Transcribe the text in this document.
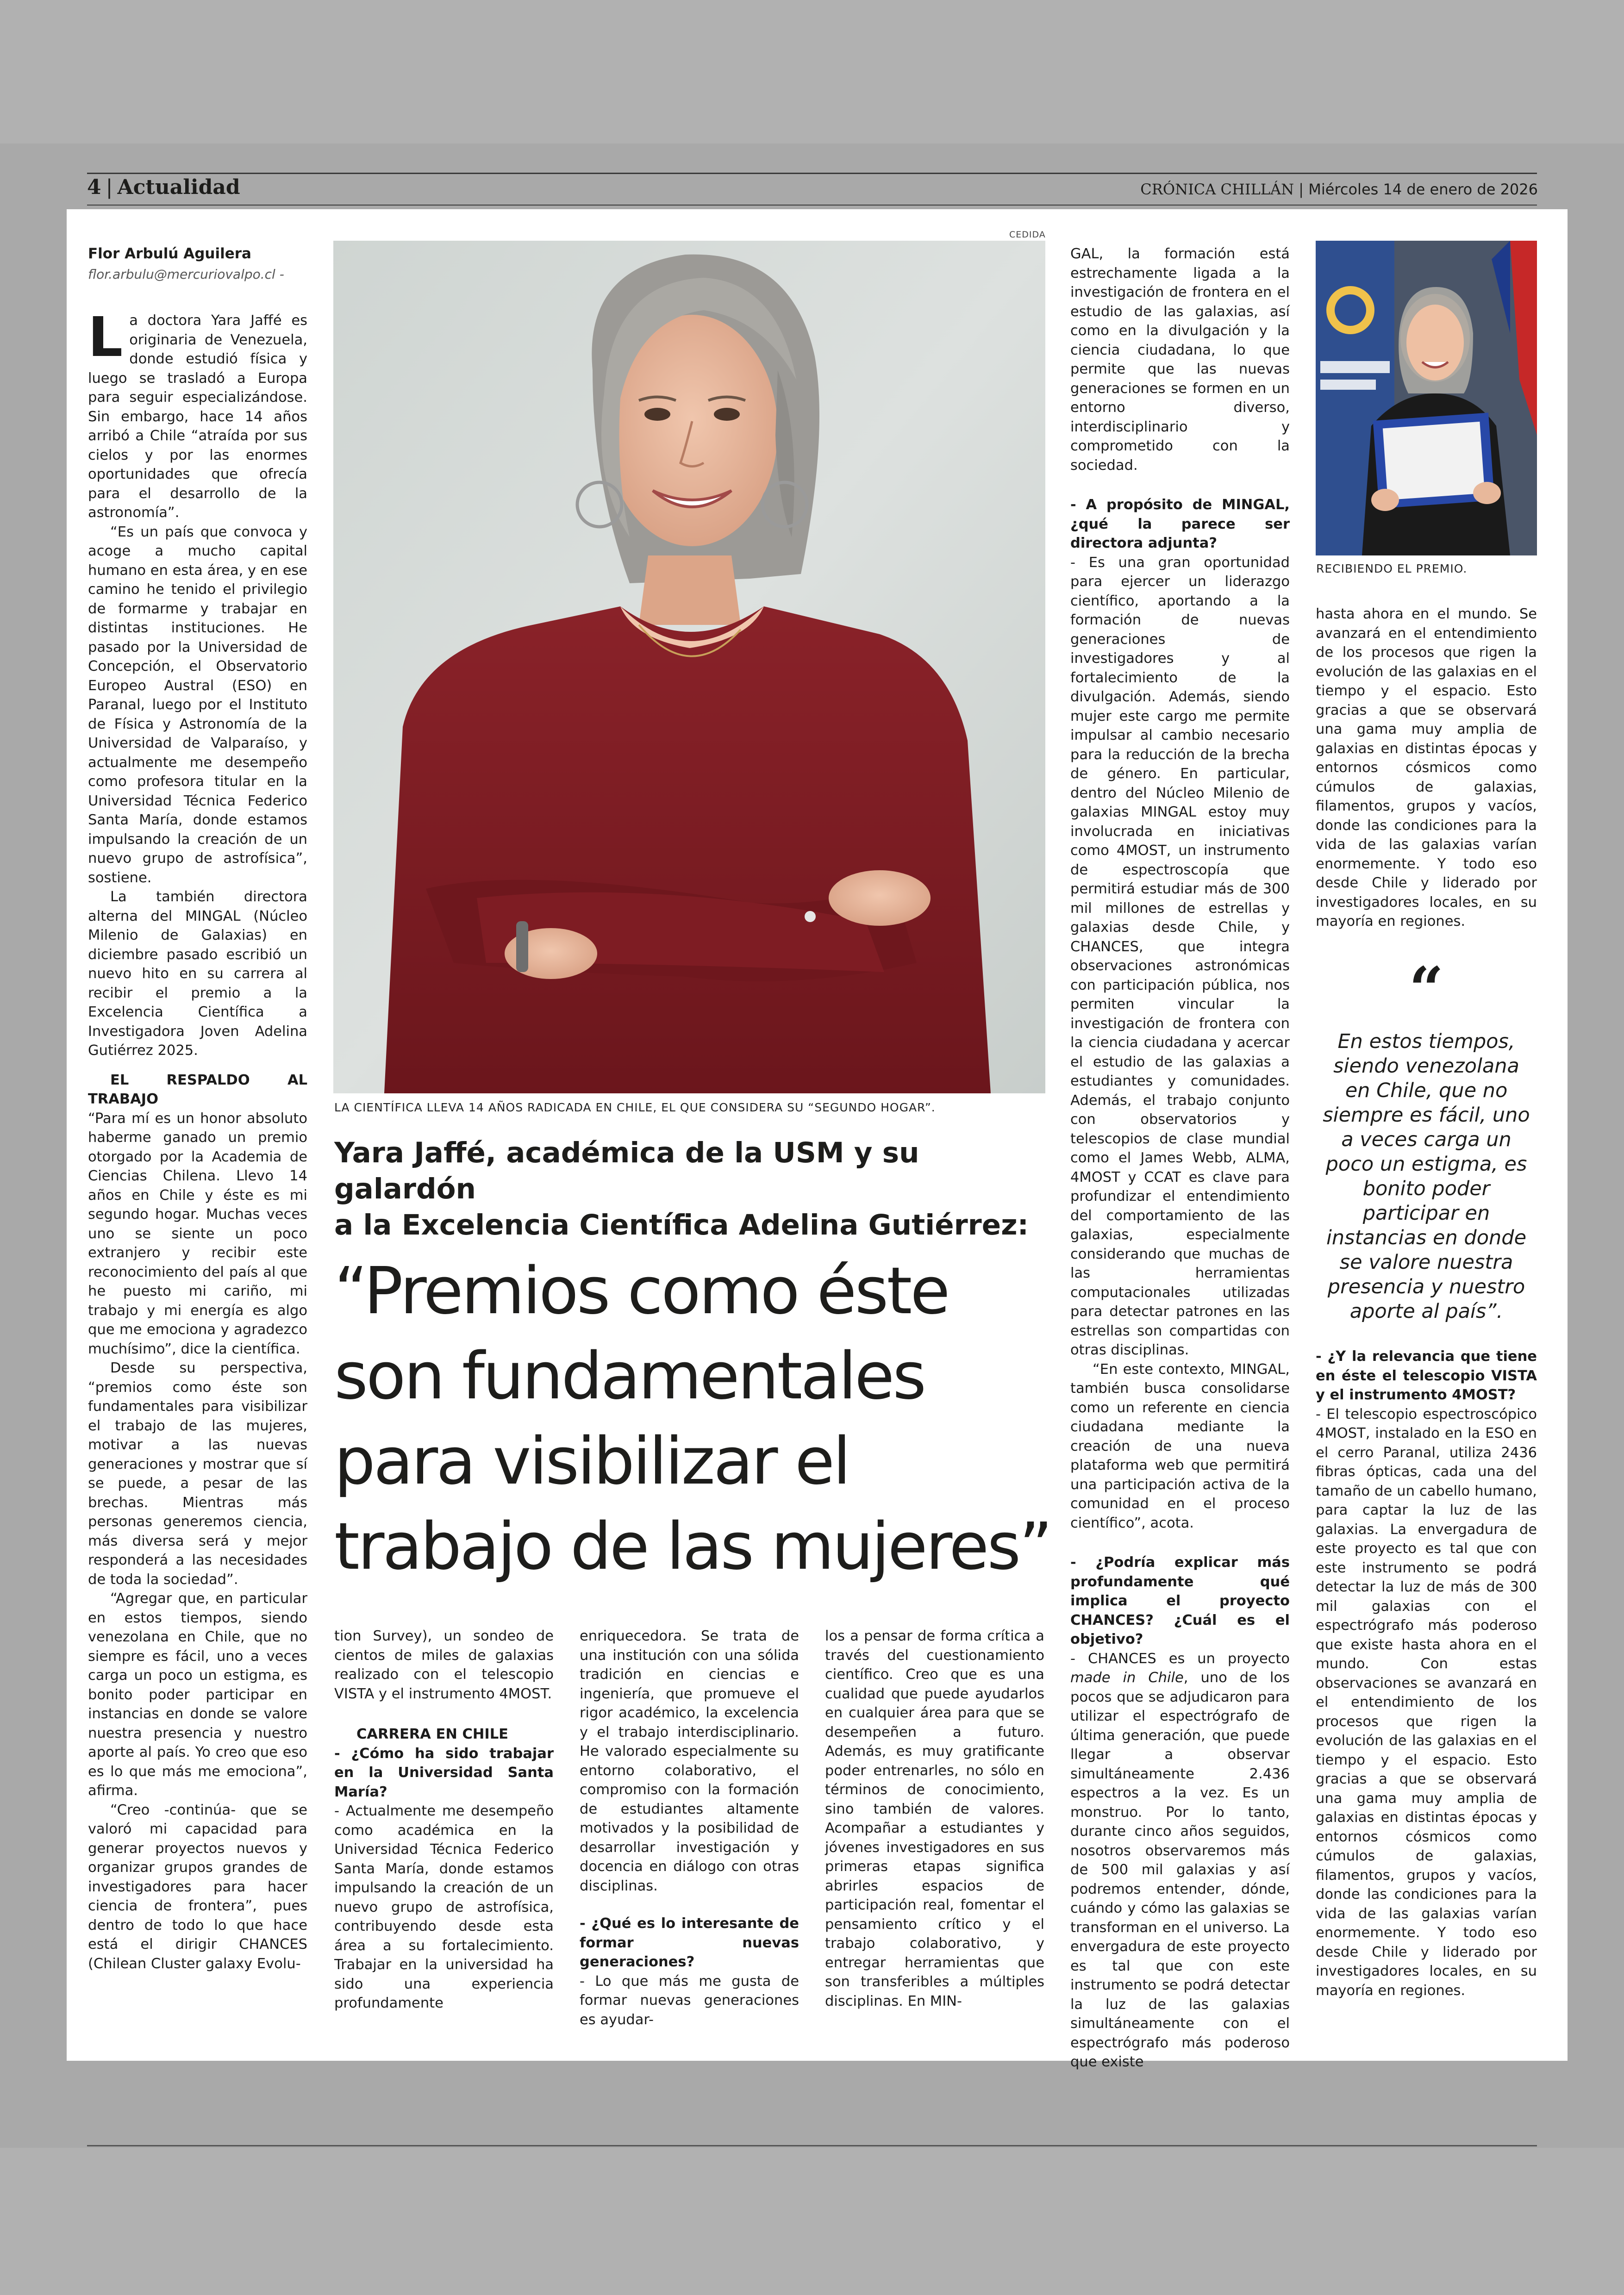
4 | Actualidad	CRÓNICA CHILLÁN | Miércoles 14 de enero de 2026
Flor Arbulú Aguilera
flor.arbulu@mercuriovalpo.cl -
L a doctora Yara Jaffé es originaria de Venezuela, donde estudió física y luego se trasladó a Europa para seguir especializándose. Sin embargo, hace 14 años arribó a Chile “atraída por sus cielos y por las enormes oportunidades que ofrecía para el desarrollo de la astronomía”.

“Es un país que convoca y acoge a mucho capital humano en esta área, y en ese camino he tenido el privilegio de formarme y trabajar en distintas instituciones. He pasado por la Universidad de Concepción, el Observatorio Europeo Austral (ESO) en Paranal, luego por el Instituto de Física y Astronomía de la Universidad de Valparaíso, y actualmente me desempeño como profesora titular en la Universidad Técnica Federico Santa María, donde estamos impulsando la creación de un nuevo grupo de astrofísica”, sostiene.

La también directora alterna del MINGAL (Núcleo Milenio de Galaxias) en diciembre pasado escribió un nuevo hito en su carrera al recibir el premio a la Excelencia Científica a Investigadora Joven Adelina Gutiérrez 2025.

EL RESPALDO AL TRABAJO

“Para mí es un honor absoluto haberme ganado un premio otorgado por la Academia de Ciencias Chilena. Llevo 14 años en Chile y éste es mi segundo hogar. Muchas veces uno se siente un poco extranjero y recibir este reconocimiento del país al que he puesto mi cariño, mi trabajo y mi energía es algo que me emociona y agradezco muchísimo”, dice la científica.

Desde su perspectiva, “premios como éste son fundamentales para visibilizar el trabajo de las mujeres, motivar a las nuevas generaciones y mostrar que sí se puede, a pesar de las brechas. Mientras más personas generemos ciencia, más diversa será y mejor responderá a las necesidades de toda la sociedad”.

“Agregar que, en particular en estos tiempos, siendo venezolana en Chile, que no siempre es fácil, uno a veces carga un poco un estigma, es bonito poder participar en instancias en donde se valore nuestra presencia y nuestro aporte al país. Yo creo que eso es lo que más me emociona”, afirma.

“Creo -continúa- que se valoró mi capacidad para generar proyectos nuevos y organizar grupos grandes de investigadores para hacer ciencia de frontera”, pues dentro de todo lo que hace está el dirigir CHANCES (Chilean Cluster galaxy Evolu-

CEDIDA
LA CIENTÍFICA LLEVA 14 AÑOS RADICADA EN CHILE, EL QUE CONSIDERA SU “SEGUNDO HOGAR”.
Yara Jaffé, académica de la USM y su galardón
a la Excelencia Científica Adelina Gutiérrez:
“Premios como éste
son fundamentales
para visibilizar el
trabajo de las mujeres”

tion Survey), un sondeo de cientos de miles de galaxias realizado con el telescopio VISTA y el instrumento 4MOST.

CARRERA EN CHILE

- ¿Cómo ha sido trabajar en la Universidad Santa María?

- Actualmente me desempeño como académica en la Universidad Técnica Federico Santa María, donde estamos impulsando la creación de un nuevo grupo de astrofísica, contribuyendo desde esta área a su fortalecimiento. Trabajar en la universidad ha sido una experiencia profundamente

enriquecedora. Se trata de una institución con una sólida tradición en ciencias e ingeniería, que promueve el rigor académico, la excelencia y el trabajo interdisciplinario. He valorado especialmente su entorno colaborativo, el compromiso con la formación de estudiantes altamente motivados y la posibilidad de desarrollar investigación y docencia en diálogo con otras disciplinas.

- ¿Qué es lo interesante de formar nuevas generaciones?

- Lo que más me gusta de formar nuevas generaciones es ayudar-

los a pensar de forma crítica a través del cuestionamiento científico. Creo que es una cualidad que puede ayudarlos en cualquier área para que se desempeñen a futuro. Además, es muy gratificante poder entrenarles, no sólo en términos de conocimiento, sino también de valores. Acompañar a estudiantes y jóvenes investigadores en sus primeras etapas significa abrirles espacios de participación real, fomentar el pensamiento crítico y el trabajo colaborativo, y entregar herramientas que son transferibles a múltiples disciplinas. En MIN-

GAL, la formación está estrechamente ligada a la investigación de frontera en el estudio de las galaxias, así como en la divulgación y la ciencia ciudadana, lo que permite que las nuevas generaciones se formen en un entorno diverso, interdisciplinario y comprometido con la sociedad.

- A propósito de MINGAL, ¿qué la parece ser directora adjunta?

- Es una gran oportunidad para ejercer un liderazgo científico, aportando a la formación de nuevas generaciones de investigadores y al fortalecimiento de la divulgación. Además, siendo mujer este cargo me permite impulsar al cambio necesario para la reducción de la brecha de género. En particular, dentro del Núcleo Milenio de galaxias MINGAL estoy muy involucrada en iniciativas como 4MOST, un instrumento de espectroscopía que permitirá estudiar más de 300 mil millones de estrellas y galaxias desde Chile, y CHANCES, que integra observaciones astronómicas con participación pública, nos permiten vincular la investigación de frontera con la ciencia ciudadana y acercar el estudio de las galaxias a estudiantes y comunidades. Además, el trabajo conjunto con observatorios y telescopios de clase mundial como el James Webb, ALMA, 4MOST y CCAT es clave para profundizar el entendimiento del comportamiento de las galaxias, especialmente considerando que muchas de las herramientas computacionales utilizadas para detectar patrones en las estrellas son compartidas con otras disciplinas.

“En este contexto, MINGAL, también busca consolidarse como un referente en ciencia ciudadana mediante la creación de una nueva plataforma web que permitirá una participación activa de la comunidad en el proceso científico”, acota.

- ¿Podría explicar más profundamente qué implica el proyecto CHANCES? ¿Cuál es el objetivo?

- CHANCES es un proyecto made in Chile, uno de los pocos que se adjudicaron para utilizar el espectrógrafo de última generación, que puede llegar a observar simultáneamente 2.436 espectros a la vez. Es un monstruo. Por lo tanto, durante cinco años seguidos, nosotros observaremos más de 500 mil galaxias y así podremos entender, dónde, cuándo y cómo las galaxias se transforman en el universo. La envergadura de este proyecto es tal que con este instrumento se podrá detectar la luz de las galaxias simultáneamente con el espectrógrafo más poderoso que existe

RECIBIENDO EL PREMIO.

hasta ahora en el mundo. Se avanzará en el entendimiento de los procesos que rigen la evolución de las galaxias en el tiempo y el espacio. Esto gracias a que se observará una gama muy amplia de galaxias en distintas épocas y entornos cósmicos como cúmulos de galaxias, filamentos, grupos y vacíos, donde las condiciones para la vida de las galaxias varían enormemente. Y todo eso desde Chile y liderado por investigadores locales, en su mayoría en regiones.

“
En estos tiempos, siendo venezolana en Chile, que no siempre es fácil, uno a veces carga un poco un estigma, es bonito poder participar en instancias en donde se valore nuestra presencia y nuestro aporte al país”.

- ¿Y la relevancia que tiene en éste el telescopio VISTA y el instrumento 4MOST?

- El telescopio espectroscópico 4MOST, instalado en la ESO en el cerro Paranal, utiliza 2436 fibras ópticas, cada una del tamaño de un cabello humano, para captar la luz de las galaxias. La envergadura de este proyecto es tal que con este instrumento se podrá detectar la luz de más de 300 mil galaxias con el espectrógrafo más poderoso que existe hasta ahora en el mundo. Con estas observaciones se avanzará en el entendimiento de los procesos que rigen la evolución de las galaxias en el tiempo y el espacio. Esto gracias a que se observará una gama muy amplia de galaxias en distintas épocas y entornos cósmicos como cúmulos de galaxias, filamentos, grupos y vacíos, donde las condiciones para la vida de las galaxias varían enormemente. Y todo eso desde Chile y liderado por investigadores locales, en su mayoría en regiones.
